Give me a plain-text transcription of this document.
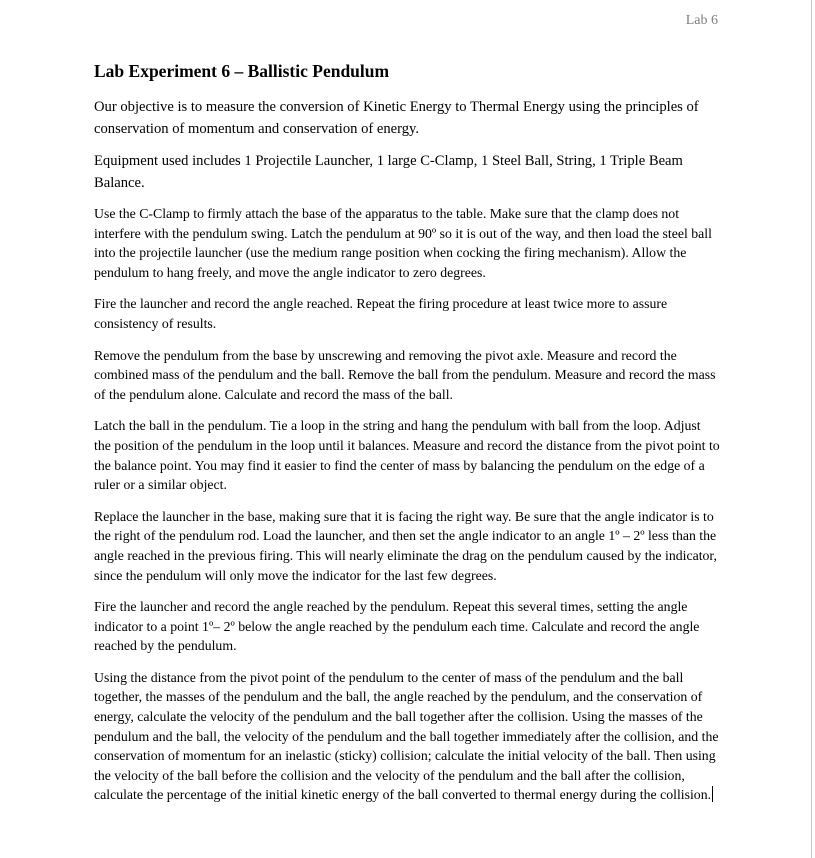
Lab 6
Lab Experiment 6 – Ballistic Pendulum

Our objective is to measure the conversion of Kinetic Energy to Thermal Energy using the principles of conservation of momentum and conservation of energy.

Equipment used includes 1 Projectile Launcher, 1 large C-Clamp, 1 Steel Ball, String, 1 Triple Beam Balance.

Use the C-Clamp to firmly attach the base of the apparatus to the table. Make sure that the clamp does not interfere with the pendulum swing. Latch the pendulum at 90º so it is out of the way, and then load the steel ball into the projectile launcher (use the medium range position when cocking the firing mechanism). Allow the pendulum to hang freely, and move the angle indicator to zero degrees.

Fire the launcher and record the angle reached. Repeat the firing procedure at least twice more to assure consistency of results.

Remove the pendulum from the base by unscrewing and removing the pivot axle. Measure and record the combined mass of the pendulum and the ball. Remove the ball from the pendulum. Measure and record the mass of the pendulum alone. Calculate and record the mass of the ball.

Latch the ball in the pendulum. Tie a loop in the string and hang the pendulum with ball from the loop. Adjust the position of the pendulum in the loop until it balances. Measure and record the distance from the pivot point to the balance point. You may find it easier to find the center of mass by balancing the pendulum on the edge of a ruler or a similar object.

Replace the launcher in the base, making sure that it is facing the right way. Be sure that the angle indicator is to the right of the pendulum rod. Load the launcher, and then set the angle indicator to an angle 1º – 2º less than the angle reached in the previous firing. This will nearly eliminate the drag on the pendulum caused by the indicator, since the pendulum will only move the indicator for the last few degrees.

Fire the launcher and record the angle reached by the pendulum. Repeat this several times, setting the angle indicator to a point 1º– 2º below the angle reached by the pendulum each time. Calculate and record the angle reached by the pendulum.

Using the distance from the pivot point of the pendulum to the center of mass of the pendulum and the ball together, the masses of the pendulum and the ball, the angle reached by the pendulum, and the conservation of energy, calculate the velocity of the pendulum and the ball together after the collision. Using the masses of the pendulum and the ball, the velocity of the pendulum and the ball together immediately after the collision, and the conservation of momentum for an inelastic (sticky) collision; calculate the initial velocity of the ball. Then using the velocity of the ball before the collision and the velocity of the pendulum and the ball after the collision, calculate the percentage of the initial kinetic energy of the ball converted to thermal energy during the collision.
